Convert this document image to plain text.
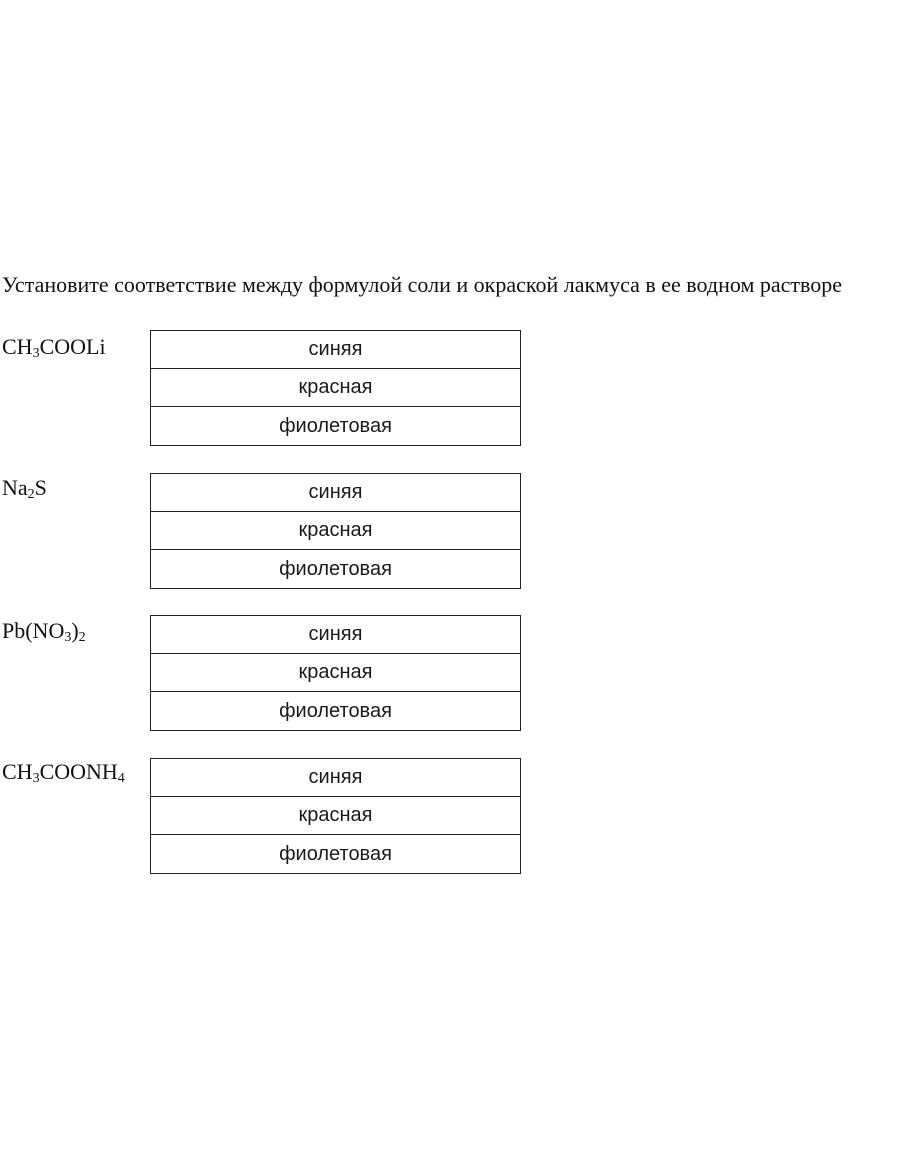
Установите соответствие между формулой соли и окраской лакмуса в ее водном растворе

$CH_3COOLi$	синяя
красная
фиолетовая
$Na_2S$	синяя
красная
фиолетовая
$Pb(NO_3)_2$	синяя
красная
фиолетовая
$CH_3COONH_4$	синяя
красная
фиолетовая
